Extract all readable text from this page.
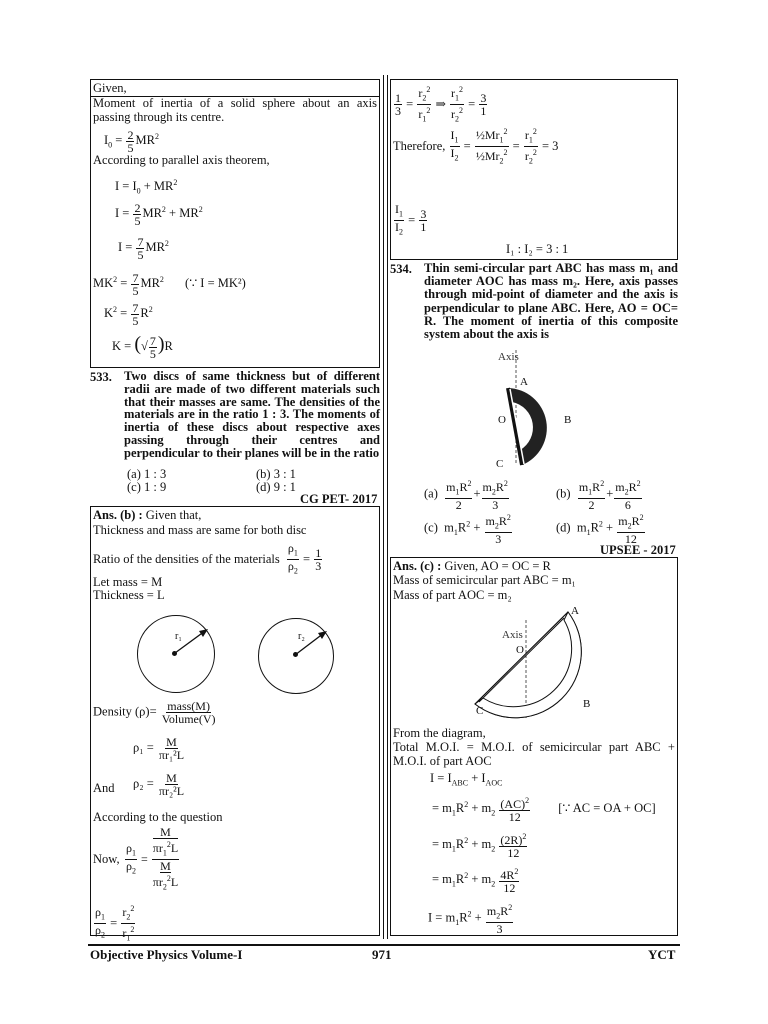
Given,
Moment of inertia of a solid sphere about an axis passing through its centre.
$I_0 = \frac{2}{5} MR^2$
According to parallel axis theorem,
$I = I_0 + MR^2$
$I = \frac{2}{5} MR^2 + MR^2$
$I = \frac{7}{5} MR^2$
$MK^2 = \frac{7}{5} MR^2$ (∵ I = MK²)
$K^2 = \frac{7}{5} R^2$
K = (√ $\frac{7}{5} )R$
533. Two discs of same thickness but of different radii are made of two different materials such that their masses are same. The densities of the materials are in the ratio 1 : 3. The moments of inertia of these discs about respective axes passing through their centres and perpendicular to their planes will be in the ratio
(a) 1 : 3	(b) 3 : 1
(c) 1 : 9	(d) 9 : 1
CG PET- 2017
Ans. (b) : Given that,
Thickness and mass are same for both disc
Ratio of the densities of the materials $\frac{\rho_1}{\rho_2} = \frac{1}{3}$
Let mass = M
Thickness = L
r₁	r₂
Density (ρ)= mass(M)
Volume(V)
$\rho_1 = \frac{M}{\text{πr₁²L}}$
And $\rho_2 = \frac{M}{\text{πr₂²L}}$
According to the question
Now, $\frac{\rho_1}{\rho_2}$ =
M
$\pi r_1^2L$
M
$\pi r_2^2L$
$\frac{\rho_1}{\rho_2} = \frac{r_2^2}{r_1^2}$
$\frac{1}{3} = \frac{r_2^2}{r_1^2}$ ⇒ $\frac{r_1^2}{r_2^2} = \frac{3}{1}$
Therefore, $\frac{I_1}{I_2} = \frac{\frac{1}{2}Mr_1^2}{\frac{1}{2}Mr_2^2} = \frac{r_1^2}{r_2^2} = 3$
$\frac{I_1}{I_2} = \frac{3}{1}$
I₁ : I₂ = 3 : 1
534. Thin semi-circular part ABC has mass m₁ and diameter AOC has mass m₂. Here, axis passes through mid-point of diameter and the axis is perpendicular to plane ABC. Here, AO = OC= R. The moment of inertia of this composite system about the axis is
Axis
A
O	B
C
$(a) \frac{m_1R^2}{2} + \frac{m_2R^2}{3}$	$(b) \frac{m_1R^2}{2} + \frac{m_2R^2}{6}$
(c)  $m_1R^2 + \frac{m_2R^2}{3}$	(d)  $m_1R^2 + \frac{m_2R^2}{12}$
UPSEE - 2017
Ans. (c) : Given, AO = OC = R
Mass of semicircular part ABC = m₁
Mass of part AOC = m₂
Axis
A
O
B
C
From the diagram,
Total M.O.I. = M.O.I. of semicircular part ABC + M.O.I. of part AOC
$I = I_{ABC} + I_{AOC}$
= $m_1R^2 + m_2 \frac{(AC)^2}{12}$ [∵ AC = OA + OC]
= $m_1R^2 + m_2 \frac{(2R)^2}{12}$
= $m_1R^2 + m_2 \frac{4R^2}{12}$
$I = m_1R^2 + \frac{m_2R^2}{3}$
Objective Physics Volume-I	971	YCT
